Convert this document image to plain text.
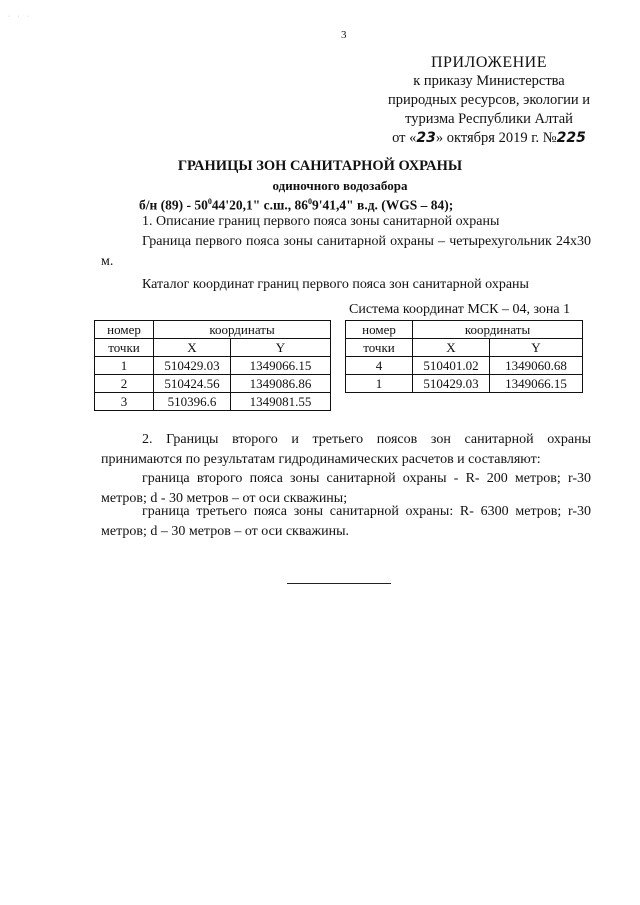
· · ·
3
ПРИЛОЖЕНИЕ
к приказу Министерства
природных ресурсов, экологии и
туризма Республики Алтай
от «23» октября 2019 г. №225
ГРАНИЦЫ ЗОН САНИТАРНОЙ ОХРАНЫ
одиночного водозабора
б/н $(89) - 50^044'20,1$" с.ш., $86^09'41,4$" в.д. (WGS – 84);
1. Описание границ первого пояса зоны санитарной охраны

Граница первого пояса зоны санитарной охраны – четырехугольник 24х30 м.

Каталог координат границ первого пояса зон санитарной охраны
Система координат МСК – 04, зона 1
номер	координаты	
точки	X	Y
1	510429.03	1349066.15
2	510424.56	1349086.86
3	510396.6	1349081.55
номер	координаты	
точки	X	Y
4	510401.02	1349060.68
1	510429.03	1349066.15

2. Границы второго и третьего поясов зон санитарной охраны принимаются по результатам гидродинамических расчетов и составляют:

граница второго пояса зоны санитарной охраны - R- 200 метров; r-30 метров; d - 30 метров – от оси скважины;

граница третьего пояса зоны санитарной охраны: R- 6300 метров; r-30 метров; d – 30 метров – от оси скважины.
